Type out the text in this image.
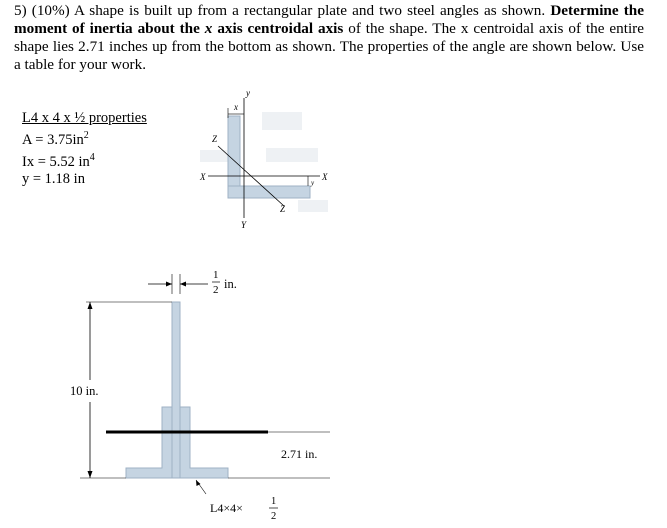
5) (10%) A shape is built up from a rectangular plate and two steel angles as shown. Determine the moment of inertia about the x axis centroidal axis of the shape. The x centroidal axis of the entire shape lies 2.71 inches up from the bottom as shown. The properties of the angle are shown below. Use a table for your work.
L4 x 4 x ½ properties
$A = 3.75in^2$
Ix = 5.52 $in^4$
y = 1.18 in
y
x
Z
X	X
y
Z
Y
1
2 in.
10 in.
2.71 in.
L4×4×	1
2
